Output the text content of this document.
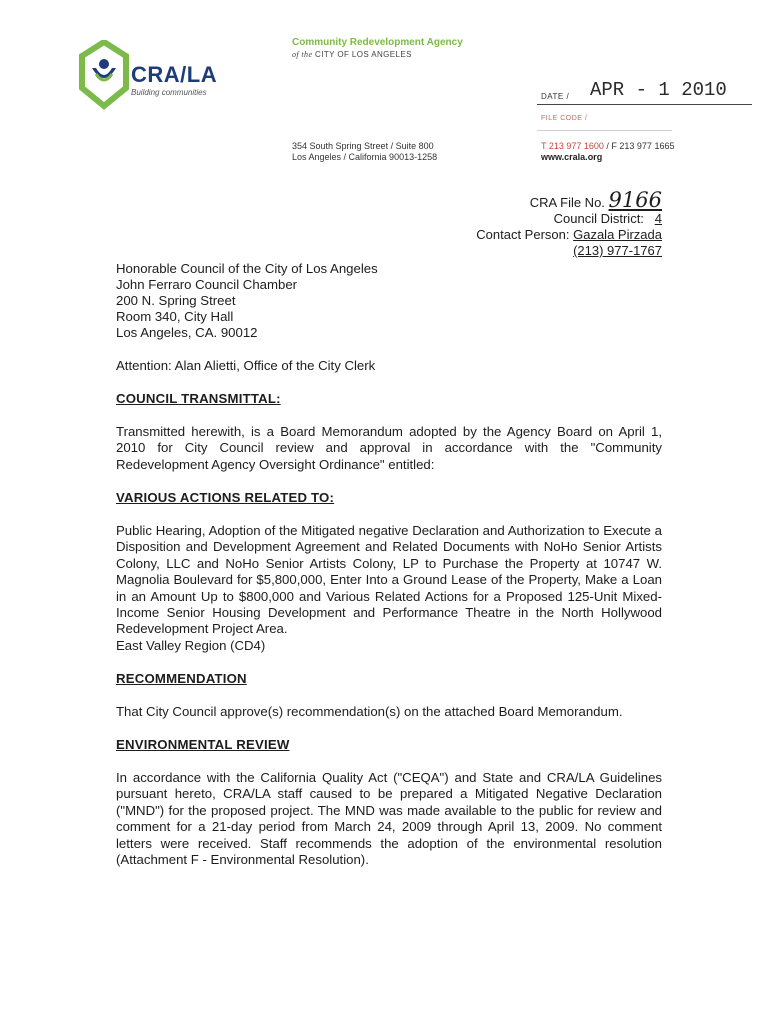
CRA/LA
Building communities
Community Redevelopment Agency
of the CITY OF LOS ANGELES
DATE / APR - 1 2010
FILE CODE /
354 South Spring Street / Suite 800
Los Angeles / California 90013-1258
T 213 977 1600 / F 213 977 1665
www.crala.org
CRA File No. 9166
Council District: 4
Contact Person: Gazala Pirzada
(213) 977-1767
Honorable Council of the City of Los Angeles
John Ferraro Council Chamber
200 N. Spring Street
Room 340, City Hall
Los Angeles, CA. 90012
Attention: Alan Alietti, Office of the City Clerk
COUNCIL TRANSMITTAL:
Transmitted herewith, is a Board Memorandum adopted by the Agency Board on April 1, 2010 for City Council review and approval in accordance with the "Community Redevelopment Agency Oversight Ordinance" entitled:
VARIOUS ACTIONS RELATED TO:
Public Hearing, Adoption of the Mitigated negative Declaration and Authorization to Execute a Disposition and Development Agreement and Related Documents with NoHo Senior Artists Colony, LLC and NoHo Senior Artists Colony, LP to Purchase the Property at 10747 W. Magnolia Boulevard for $5,800,000, Enter Into a Ground Lease of the Property, Make a Loan in an Amount Up to $800,000 and Various Related Actions for a Proposed 125-Unit Mixed-Income Senior Housing Development and Performance Theatre in the North Hollywood Redevelopment Project Area.
East Valley Region (CD4)
RECOMMENDATION
That City Council approve(s) recommendation(s) on the attached Board Memorandum.
ENVIRONMENTAL REVIEW
In accordance with the California Quality Act ("CEQA") and State and CRA/LA Guidelines pursuant hereto, CRA/LA staff caused to be prepared a Mitigated Negative Declaration ("MND") for the proposed project. The MND was made available to the public for review and comment for a 21-day period from March 24, 2009 through April 13, 2009. No comment letters were received. Staff recommends the adoption of the environmental resolution (Attachment F - Environmental Resolution).
